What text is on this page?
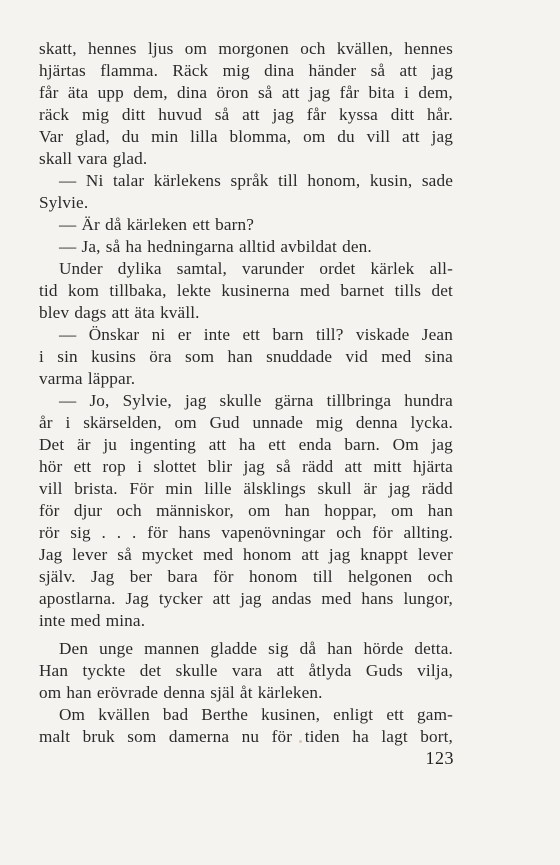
skatt, hennes ljus om morgonen och kvällen, hennes
hjärtas flamma. Räck mig dina händer så att jag
får äta upp dem, dina öron så att jag får bita i dem,
räck mig ditt huvud så att jag får kyssa ditt hår.
Var glad, du min lilla blomma, om du vill att jag
skall vara glad.
— Ni talar kärlekens språk till honom, kusin, sade
Sylvie.
— Är då kärleken ett barn?
— Ja, så ha hedningarna alltid avbildat den.
Under dylika samtal, varunder ordet kärlek all-
tid kom tillbaka, lekte kusinerna med barnet tills det
blev dags att äta kväll.
— Önskar ni er inte ett barn till? viskade Jean
i sin kusins öra som han snuddade vid med sina
varma läppar.
— Jo, Sylvie, jag skulle gärna tillbringa hundra
år i skärselden, om Gud unnade mig denna lycka.
Det är ju ingenting att ha ett enda barn. Om jag
hör ett rop i slottet blir jag så rädd att mitt hjärta
vill brista. För min lille älsklings skull är jag rädd
för djur och människor, om han hoppar, om han
rör sig . . . för hans vapenövningar och för allting.
Jag lever så mycket med honom att jag knappt lever
själv. Jag ber bara för honom till helgonen och
apostlarna. Jag tycker att jag andas med hans lungor,
inte med mina.
Den unge mannen gladde sig då han hörde detta.
Han tyckte det skulle vara att åtlyda Guds vilja,
om han erövrade denna själ åt kärleken.
Om kvällen bad Berthe kusinen, enligt ett gam-
malt bruk som damerna nu för tiden ha lagt bort,
123
